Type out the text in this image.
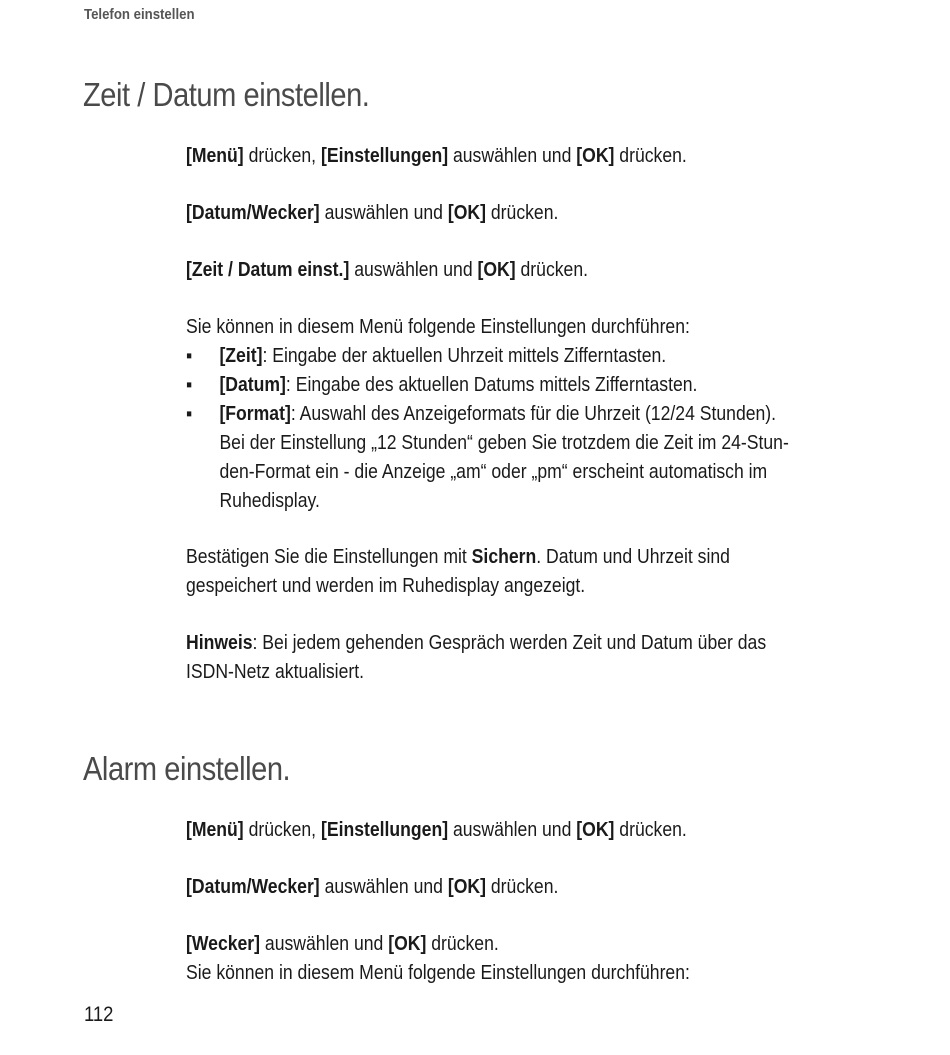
Telefon einstellen
Zeit / Datum einstellen.

[Menü] drücken, [Einstellungen] auswählen und [OK] drücken.

[Datum/Wecker] auswählen und [OK] drücken.

[Zeit / Datum einst.] auswählen und [OK] drücken.

Sie können in diesem Menü folgende Einstellungen durchführen:

▪ [Zeit]: Eingabe der aktuellen Uhrzeit mittels Zifferntasten.
▪ [Datum]: Eingabe des aktuellen Datums mittels Zifferntasten.
▪ [Format]: Auswahl des Anzeigeformats für die Uhrzeit (12/24 Stunden).
Bei der Einstellung „12 Stunden“ geben Sie trotzdem die Zeit im 24-Stun-
den-Format ein - die Anzeige „am“ oder „pm“ erscheint automatisch im
Ruhedisplay.

Bestätigen Sie die Einstellungen mit Sichern. Datum und Uhrzeit sind
gespeichert und werden im Ruhedisplay angezeigt.

Hinweis: Bei jedem gehenden Gespräch werden Zeit und Datum über das
ISDN-Netz aktualisiert.

Alarm einstellen.

[Menü] drücken, [Einstellungen] auswählen und [OK] drücken.

[Datum/Wecker] auswählen und [OK] drücken.

[Wecker] auswählen und [OK] drücken.

Sie können in diesem Menü folgende Einstellungen durchführen:

112
